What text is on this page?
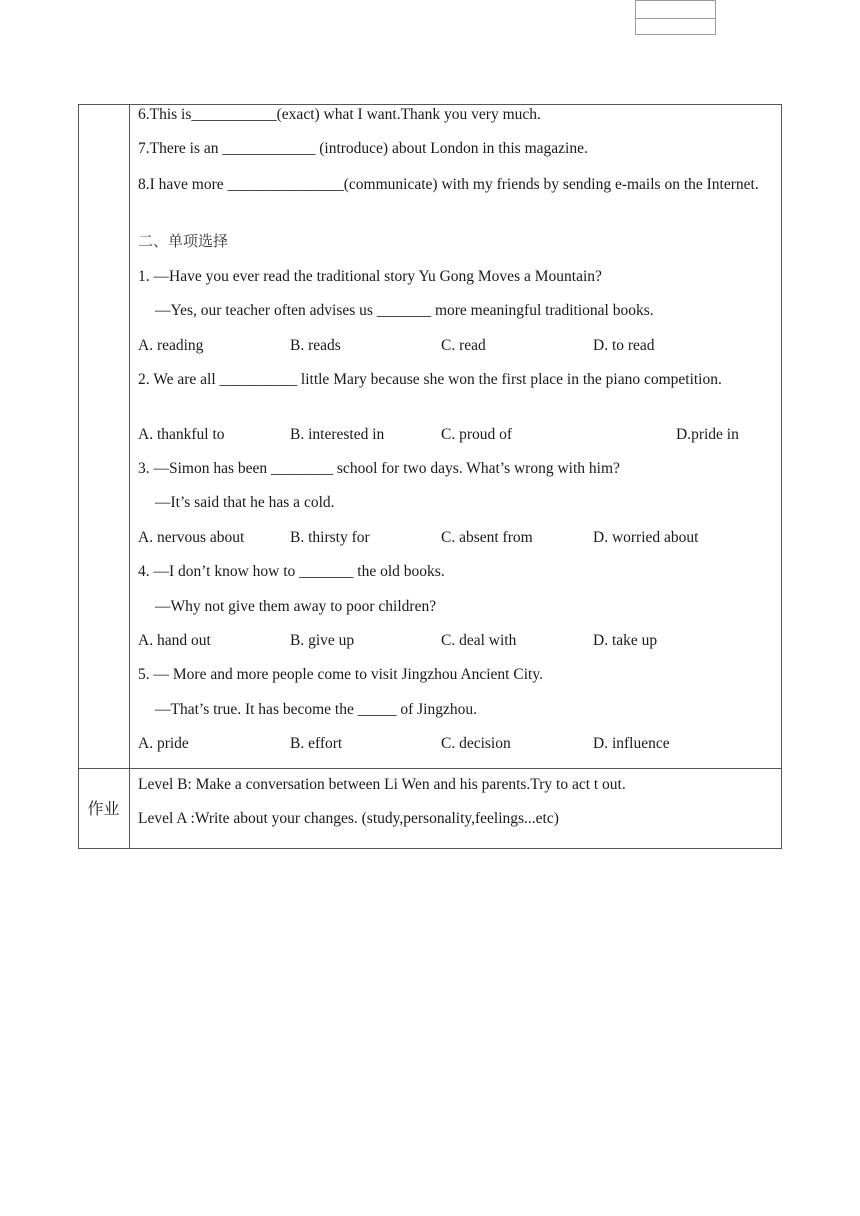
6.This is___________(exact) what I want.Thank you very much.
7.There is an ____________ (introduce) about London in this magazine.
8.I have more _______________(communicate) with my friends by sending e-mails on the Internet.
二、单项选择
1. —Have you ever read the traditional story Yu Gong Moves a Mountain?
—Yes, our teacher often advises us _______ more meaningful traditional books.
A. reading	B. reads	C. read	D. to read
2. We are all __________ little Mary because she won the first place in the piano competition.
A. thankful to	B. interested in	C. proud of	D.pride in
3. —Simon has been ________ school for two days. What’s wrong with him?
—It’s said that he has a cold.
A. nervous about	B. thirsty for	C. absent from	D. worried about
4. —I don’t know how to _______ the old books.
—Why not give them away to poor children?
A. hand out	B. give up	C. deal with	D. take up
5. — More and more people come to visit Jingzhou Ancient City.
—That’s true. It has become the _____ of Jingzhou.
A. pride	B. effort	C. decision	D. influence
作业
Level B: Make a conversation between Li Wen and his parents.Try to act t out.
Level A :Write about your changes. (study,personality,feelings...etc)
